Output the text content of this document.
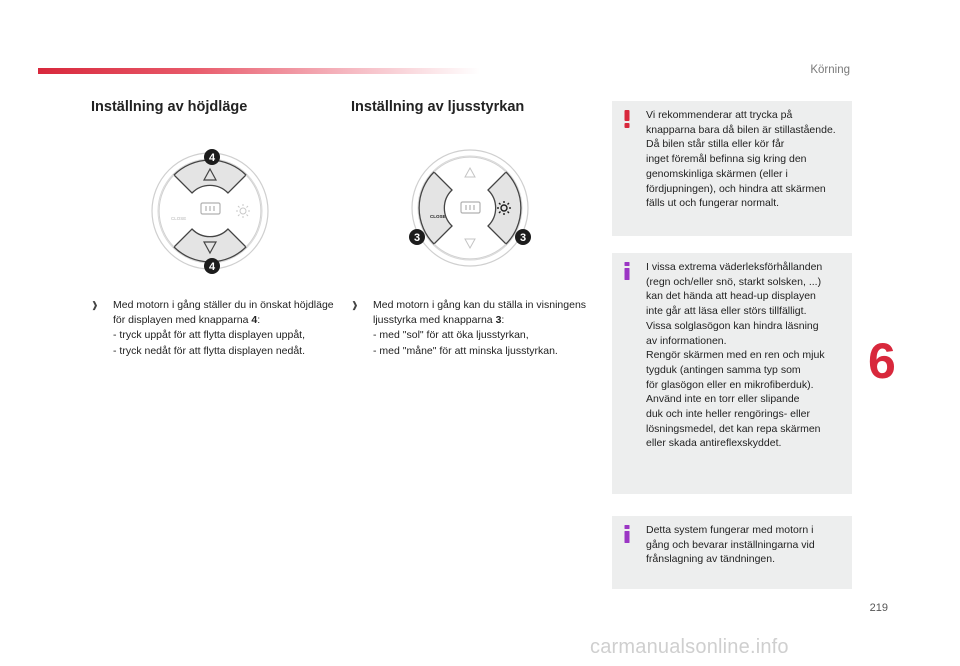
Körning
Inställning av höjdläge
CLOSE
4
4
❱	Med motorn i gång ställer du in önskat höjdläge för displayen med knapparna 4:
- tryck uppåt för att flytta displayen uppåt,
- tryck nedåt för att flytta displayen nedåt.
Inställning av ljusstyrkan
CLOSE
3	3
❱	Med motorn i gång kan du ställa in visningens ljusstyrka med knapparna 3:
- med "sol" för att öka ljusstyrkan,
- med "måne" för att minska ljusstyrkan.

Vi rekommenderar att trycka på
knapparna bara då bilen är stillastående.
Då bilen står stilla eller kör får
inget föremål befinna sig kring den
genomskinliga skärmen (eller i
fördjupningen), och hindra att skärmen
fälls ut och fungerar normalt.

I vissa extrema väderleksförhållanden
(regn och/eller snö, starkt solsken, ...)
kan det hända att head-up displayen
inte går att läsa eller störs tillfälligt.
Vissa solglasögon kan hindra läsning
av informationen.
Rengör skärmen med en ren och mjuk
tygduk (antingen samma typ som
för glasögon eller en mikrofiberduk).
Använd inte en torr eller slipande
duk och inte heller rengörings- eller
lösningsmedel, det kan repa skärmen
eller skada antireflexskyddet.

Detta system fungerar med motorn i
gång och bevarar inställningarna vid
frånslagning av tändningen.

6
219
carmanualsonline.info
